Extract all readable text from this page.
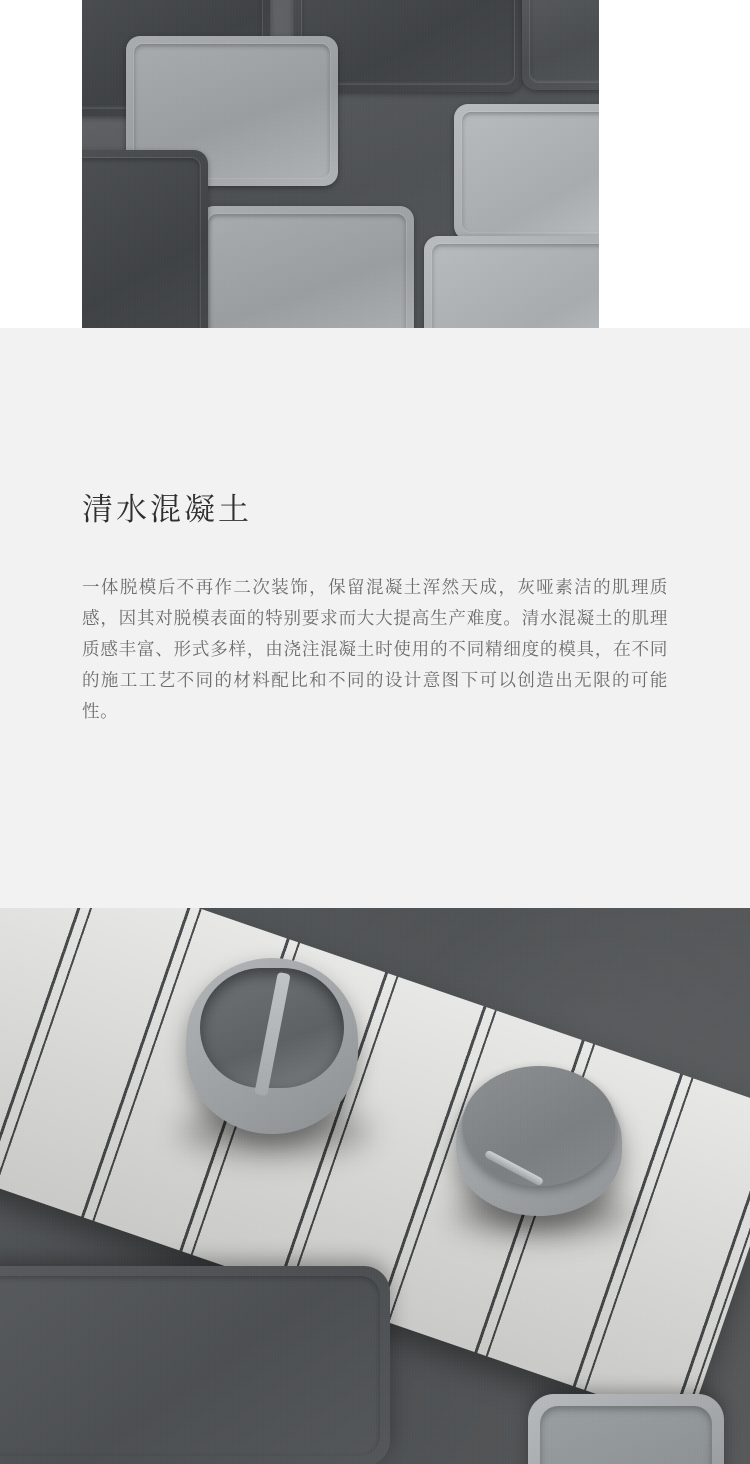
清水混凝土

一体脱模后不再作二次装饰，保留混凝土浑然天成，灰哑素洁的肌理质感，因其对脱模表面的特别要求而大大提高生产难度。清水混凝土的肌理质感丰富、形式多样，由浇注混凝土时使用的不同精细度的模具，在不同的施工工艺不同的材料配比和不同的设计意图下可以创造出无限的可能性。
